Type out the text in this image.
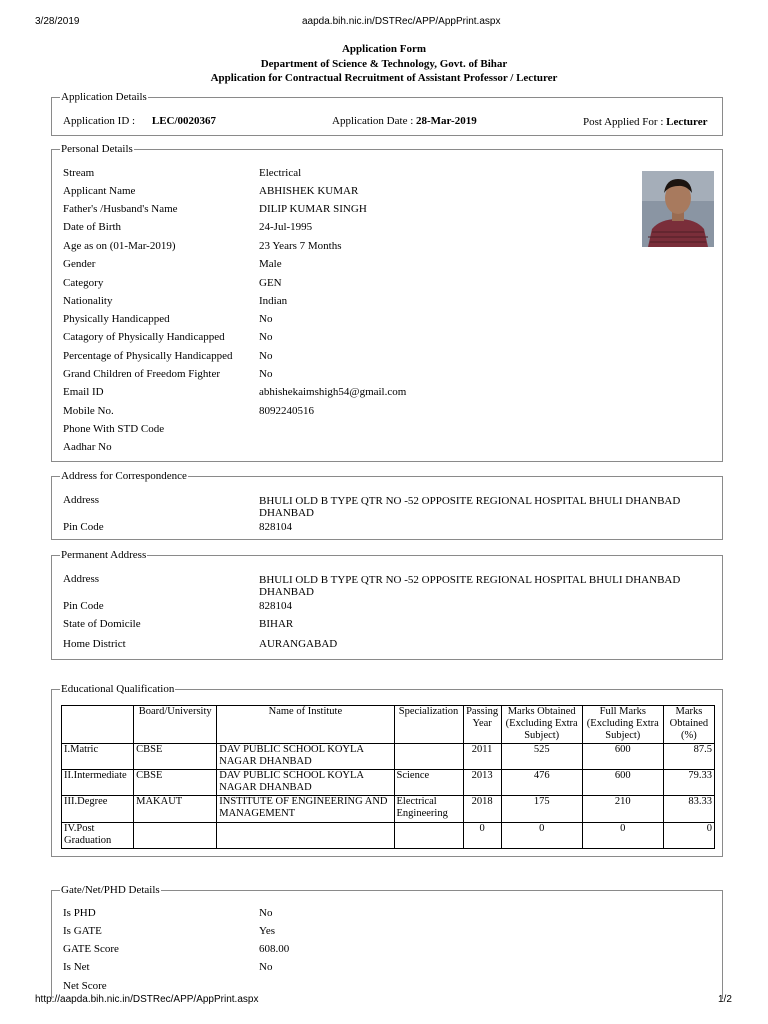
3/28/2019	aapda.bih.nic.in/DSTRec/APP/AppPrint.aspx
Application Form
Department of Science & Technology, Govt. of Bihar
Application for Contractual Recruitment of Assistant Professor / Lecturer
Application Details
Application ID : LEC/0020367	Application Date : 28-Mar-2019	Post Applied For : Lecturer
Personal Details
Stream	Electrical
Applicant Name	ABHISHEK KUMAR
Father's /Husband's Name	DILIP KUMAR SINGH
Date of Birth	24-Jul-1995
Age as on (01-Mar-2019)	23 Years 7 Months
Gender	Male
Category	GEN
Nationality	Indian
Physically Handicapped	No
Catagory of Physically Handicapped	No
Percentage of Physically Handicapped No
Grand Children of Freedom Fighter	No
Email ID	abhishekaimshigh54@gmail.com
Mobile No.	8092240516
Phone With STD Code
Aadhar No
Address for Correspondence
Address	BHULI OLD B TYPE QTR NO -52 OPPOSITE REGIONAL HOSPITAL BHULI DHANBAD DHANBAD
Pin Code	828104
Permanent Address
Address	BHULI OLD B TYPE QTR NO -52 OPPOSITE REGIONAL HOSPITAL BHULI DHANBAD DHANBAD
Pin Code	828104
State of Domicile	BIHAR
Home District	AURANGABAD
Educational Qualification
	Board/University	Name of Institute	Specialization	Passing Year	Marks Obtained (Excluding Extra Subject)	Full Marks (Excluding Extra Subject)	Marks Obtained (%)
I.Matric	CBSE	DAV PUBLIC SCHOOL KOYLA NAGAR DHANBAD		2011	525	600	87.5
II.Intermediate	CBSE	DAV PUBLIC SCHOOL KOYLA NAGAR DHANBAD	Science	2013	476	600	79.33
III.Degree	MAKAUT	INSTITUTE OF ENGINEERING AND MANAGEMENT	Electrical Engineering	2018	175	210	83.33
IV.Post Graduation				0	0	0	0
Gate/Net/PHD Details
Is PHD	No
Is GATE	Yes
GATE Score	608.00
Is Net	No
Net Score
http://aapda.bih.nic.in/DSTRec/APP/AppPrint.aspx	1/2
